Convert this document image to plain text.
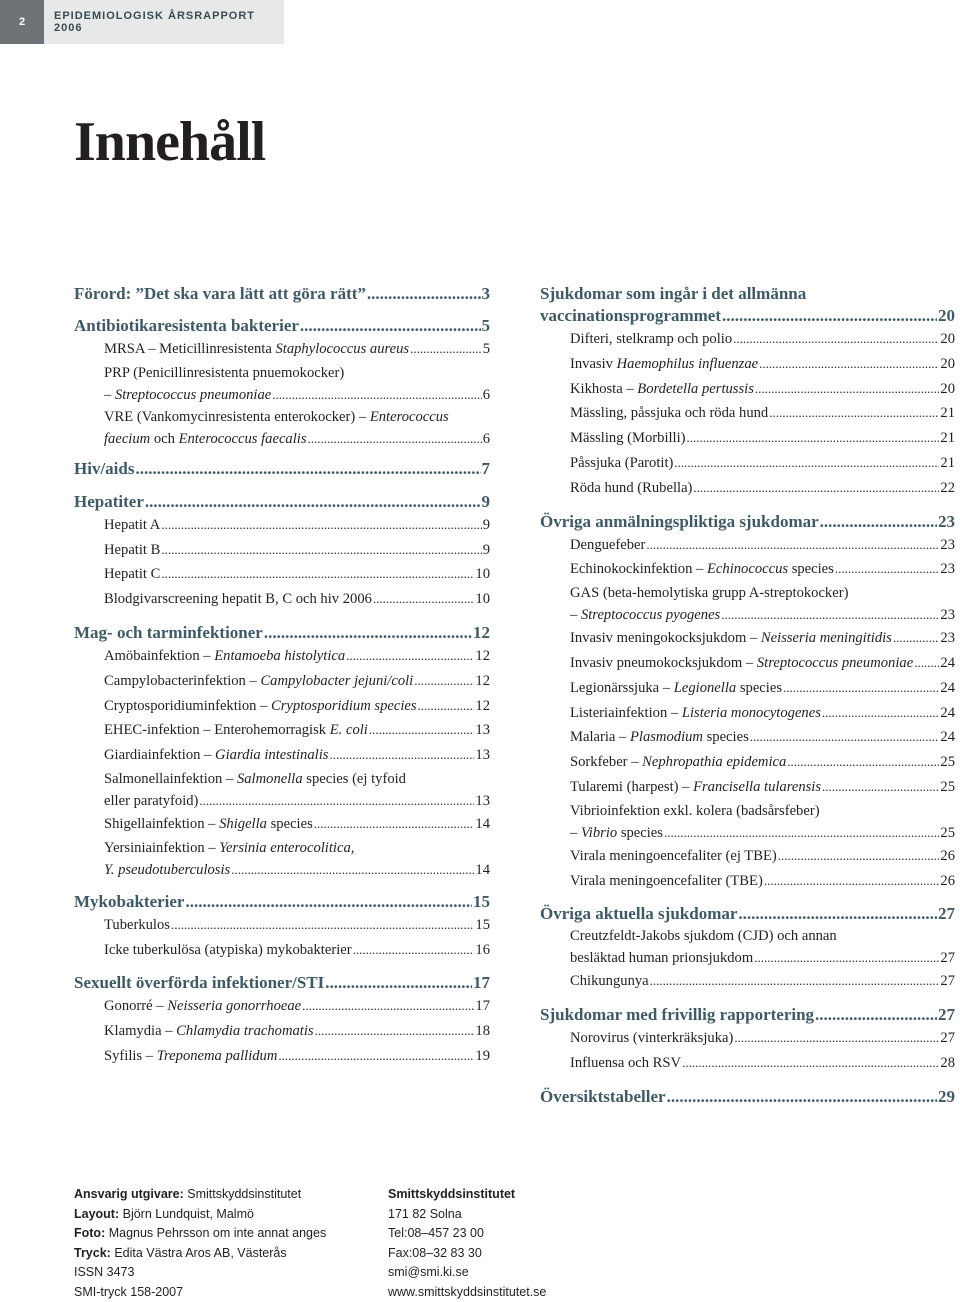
2	EPIDEMIOLOGISK ÅRSRAPPORT 2006
Innehåll
Förord: ”Det ska vara lätt att göra rätt” .....	3
Antibiotikaresistenta bakterier .....	5
MRSA – Meticillinresistenta Staphylococcus aureus .....	5
PRP (Penicillinresistenta pnuemokocker)
– Streptococcus pneumoniae .....	6
VRE (Vankomycinresistenta enterokocker) – Enterococcus
faecium och Enterococcus faecalis .....	6
Hiv/aids .....	7
Hepatiter .....	9
Hepatit A .....	9
Hepatit B .....	9
Hepatit C .....	10
Blodgivarscreening hepatit B, C och hiv 2006 .....	10
Mag- och tarminfektioner .....	12
Amöbainfektion – Entamoeba histolytica .....	12
Campylobacterinfektion – Campylobacter jejuni/coli .....	12
Cryptosporidiuminfektion – Cryptosporidium species .....	12
EHEC-infektion – Enterohemorragisk E. coli .....	13
Giardiainfektion – Giardia intestinalis .....	13
Salmonellainfektion – Salmonella species (ej tyfoid
eller paratyfoid) .....	13
Shigellainfektion – Shigella species .....	14
Yersiniainfektion – Yersinia enterocolitica,
Y. pseudotuberculosis .....	14
Mykobakterier .....	15
Tuberkulos .....	15
Icke tuberkulösa (atypiska) mykobakterier .....	16
Sexuellt överförda infektioner/STI .....	17
Gonorré – Neisseria gonorrhoeae .....	17
Klamydia – Chlamydia trachomatis .....	18
Syfilis – Treponema pallidum .....	19
Sjukdomar som ingår i det allmänna
vaccinationsprogrammet .....	20
Difteri, stelkramp och polio .....	20
Invasiv Haemophilus influenzae .....	20
Kikhosta – Bordetella pertussis .....	20
Mässling, påssjuka och röda hund .....	21
Mässling (Morbilli) .....	21
Påssjuka (Parotit) .....	21
Röda hund (Rubella) .....	22
Övriga anmälningspliktiga sjukdomar .....	23
Denguefeber .....	23
Echinokockinfektion – Echinococcus species .....	23
GAS (beta-hemolytiska grupp A-streptokocker)
– Streptococcus pyogenes .....	23
Invasiv meningokocksjukdom – Neisseria meningitidis .....	23
Invasiv pneumokocksjukdom – Streptococcus pneumoniae ..... 24
Legionärssjuka – Legionella species .....	24
Listeriainfektion – Listeria monocytogenes .....	24
Malaria – Plasmodium species .....	24
Sorkfeber – Nephropathia epidemica .....	25
Tularemi (harpest) – Francisella tularensis .....	25
Vibrioinfektion exkl. kolera (badsårsfeber)
– Vibrio species .....	25
Virala meningoencefaliter (ej TBE) .....	26
Virala meningoencefaliter (TBE) .....	26
Övriga aktuella sjukdomar .....	27
Creutzfeldt-Jakobs sjukdom (CJD) och annan
besläktad human prionsjukdom .....	27
Chikungunya .....	27
Sjukdomar med frivillig rapportering .....	27
Norovirus (vinterkräksjuka) .....	27
Influensa och RSV .....	28
Översiktstabeller .....	29
Ansvarig utgivare: Smittskyddsinstitutet
Layout: Björn Lundquist, Malmö
Foto: Magnus Pehrsson om inte annat anges
Tryck: Edita Västra Aros AB, Västerås
ISSN 3473
SMI-tryck 158-2007
Smittskyddsinstitutet
171 82 Solna
Tel:08–457 23 00
Fax:08–32 83 30
smi@smi.ki.se
www.smittskyddsinstitutet.se
